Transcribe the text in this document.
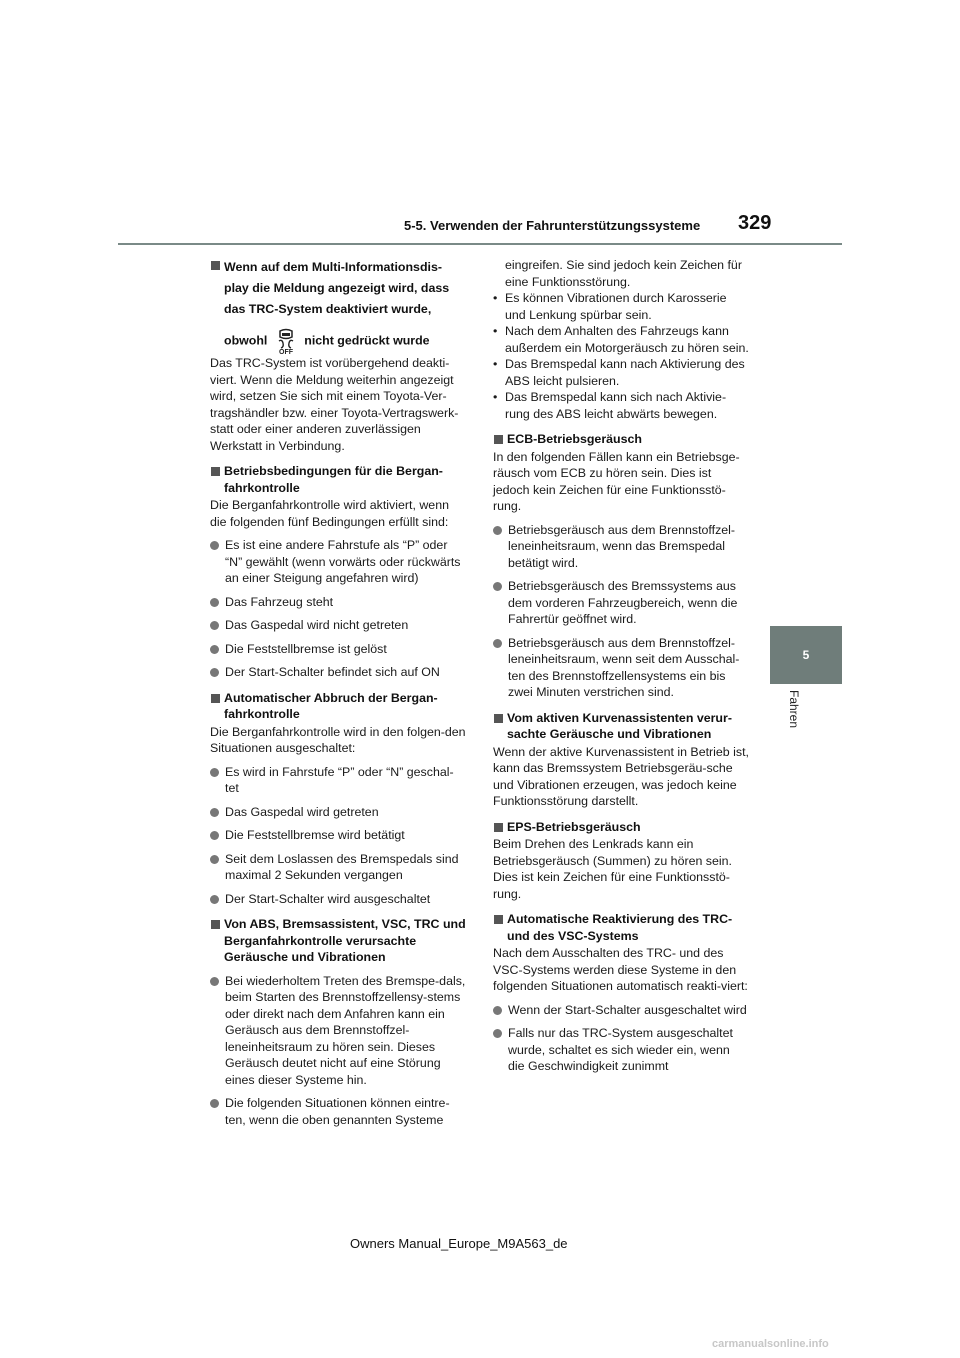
5-5. Verwenden der Fahrunterstützungssysteme 329
5
Fahren
Wenn auf dem Multi-Informationsdis-
play die Meldung angezeigt wird, dass
das TRC-System deaktiviert wurde,
obwohl
OFF
nicht gedrückt wurde

Das TRC-System ist vorübergehend deakti-viert. Wenn die Meldung weiterhin angezeigt wird, setzen Sie sich mit einem Toyota-Ver-tragshändler bzw. einer Toyota-Vertragswerk-statt oder einer anderen zuverlässigen Werkstatt in Verbindung.

Betriebsbedingungen für die Bergan-fahrkontrolle

Die Berganfahrkontrolle wird aktiviert, wenn die folgenden fünf Bedingungen erfüllt sind:

Es ist eine andere Fahrstufe als “P” oder “N” gewählt (wenn vorwärts oder rückwärts an einer Steigung angefahren wird)
Das Fahrzeug steht
Das Gaspedal wird nicht getreten
Die Feststellbremse ist gelöst
Der Start-Schalter befindet sich auf ON
Automatischer Abbruch der Bergan-fahrkontrolle

Die Berganfahrkontrolle wird in den folgen-den Situationen ausgeschaltet:

Es wird in Fahrstufe “P” oder “N” geschal-tet
Das Gaspedal wird getreten
Die Feststellbremse wird betätigt
Seit dem Loslassen des Bremspedals sind maximal 2 Sekunden vergangen
Der Start-Schalter wird ausgeschaltet
Von ABS, Bremsassistent, VSC, TRC und Berganfahrkontrolle verursachte Geräusche und Vibrationen
Bei wiederholtem Treten des Bremspe-dals, beim Starten des Brennstoffzellensy-stems oder direkt nach dem Anfahren kann ein Geräusch aus dem Brennstoffzel-leneinheitsraum zu hören sein. Dieses Geräusch deutet nicht auf eine Störung eines dieser Systeme hin.
Die folgenden Situationen können eintre-ten, wenn die oben genannten Systeme
eingreifen. Sie sind jedoch kein Zeichen für eine Funktionsstörung.
• Es können Vibrationen durch Karosserie und Lenkung spürbar sein.
• Nach dem Anhalten des Fahrzeugs kann außerdem ein Motorgeräusch zu hören sein.
• Das Bremspedal kann nach Aktivierung des ABS leicht pulsieren.
• Das Bremspedal kann sich nach Aktivie-rung des ABS leicht abwärts bewegen.
ECB-Betriebsgeräusch

In den folgenden Fällen kann ein Betriebsge-räusch vom ECB zu hören sein. Dies ist jedoch kein Zeichen für eine Funktionsstö-rung.

Betriebsgeräusch aus dem Brennstoffzel-leneinheitsraum, wenn das Bremspedal betätigt wird.
Betriebsgeräusch des Bremssystems aus dem vorderen Fahrzeugbereich, wenn die Fahrertür geöffnet wird.
Betriebsgeräusch aus dem Brennstoffzel-leneinheitsraum, wenn seit dem Ausschal-ten des Brennstoffzellensystems ein bis zwei Minuten verstrichen sind.
Vom aktiven Kurvenassistenten verur-sachte Geräusche und Vibrationen

Wenn der aktive Kurvenassistent in Betrieb ist, kann das Bremssystem Betriebsgeräu-sche und Vibrationen erzeugen, was jedoch keine Funktionsstörung darstellt.

EPS-Betriebsgeräusch

Beim Drehen des Lenkrads kann ein Betriebsgeräusch (Summen) zu hören sein. Dies ist kein Zeichen für eine Funktionsstö-rung.

Automatische Reaktivierung des TRC- und des VSC-Systems

Nach dem Ausschalten des TRC- und des VSC-Systems werden diese Systeme in den folgenden Situationen automatisch reakti-viert:

Wenn der Start-Schalter ausgeschaltet wird
Falls nur das TRC-System ausgeschaltet wurde, schaltet es sich wieder ein, wenn die Geschwindigkeit zunimmt
Owners Manual_Europe_M9A563_de
carmanualsonline.info
